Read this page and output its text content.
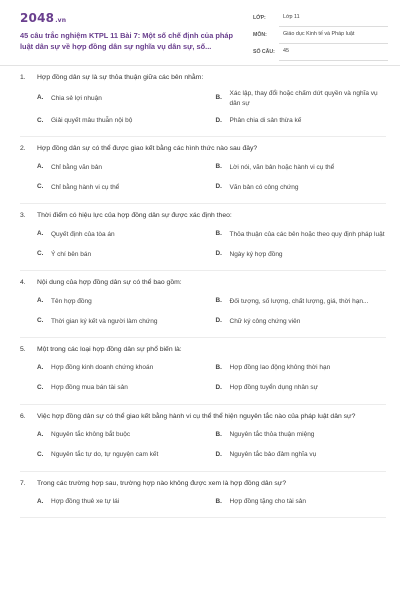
2048.vn
45 câu trắc nghiệm KTPL 11 Bài 7: Một số chế định của pháp luật dân sự về hợp đồng dân sự nghĩa vụ dân sự, số...
LỚP:	Lớp 11
MÔN:	Giáo dục Kinh tế và Pháp luật
SỐ CÂU:	45
1.	Hợp đồng dân sự là sự thỏa thuận giữa các bên nhằm:
A.	Chia sẻ lợi nhuận	B.
Xác lập, thay đổi hoặc chấm dứt quyền và nghĩa vụ dân sự
C.	Giải quyết mâu thuẫn nội bộ	D.	Phân chia di sản thừa kế
2.	Hợp đồng dân sự có thể được giao kết bằng các hình thức nào sau đây?
A.	Chỉ bằng văn bản	B.	Lời nói, văn bản hoặc hành vi cụ thể
C.	Chỉ bằng hành vi cụ thể	D.	Văn bản có công chứng
3.	Thời điểm có hiệu lực của hợp đồng dân sự được xác định theo:
A.	Quyết định của tòa án	B.	Thỏa thuận của các bên hoặc theo quy định pháp luật
C.	Ý chí bên bán	D.	Ngày ký hợp đồng
4.	Nội dung của hợp đồng dân sự có thể bao gồm:
A.	Tên hợp đồng	B.	Đối tượng, số lượng, chất lượng, giá, thời hạn...
C.	Thời gian ký kết và người làm chứng	D.	Chữ ký công chứng viên
5.	Một trong các loại hợp đồng dân sự phổ biến là:
A.	Hợp đồng kinh doanh chứng khoán	B.	Hợp đồng lao động không thời hạn
C.	Hợp đồng mua bán tài sản	D.	Hợp đồng tuyển dụng nhân sự
6.	Việc hợp đồng dân sự có thể giao kết bằng hành vi cụ thể thể hiện nguyên tắc nào của pháp luật dân sự?
A.	Nguyên tắc không bắt buộc	B.	Nguyên tắc thỏa thuận miệng
C.	Nguyên tắc tự do, tự nguyện cam kết	D.	Nguyên tắc bảo đảm nghĩa vụ
7.	Trong các trường hợp sau, trường hợp nào không được xem là hợp đồng dân sự?
A.	Hợp đồng thuê xe tự lái	B.	Hợp đồng tặng cho tài sản
